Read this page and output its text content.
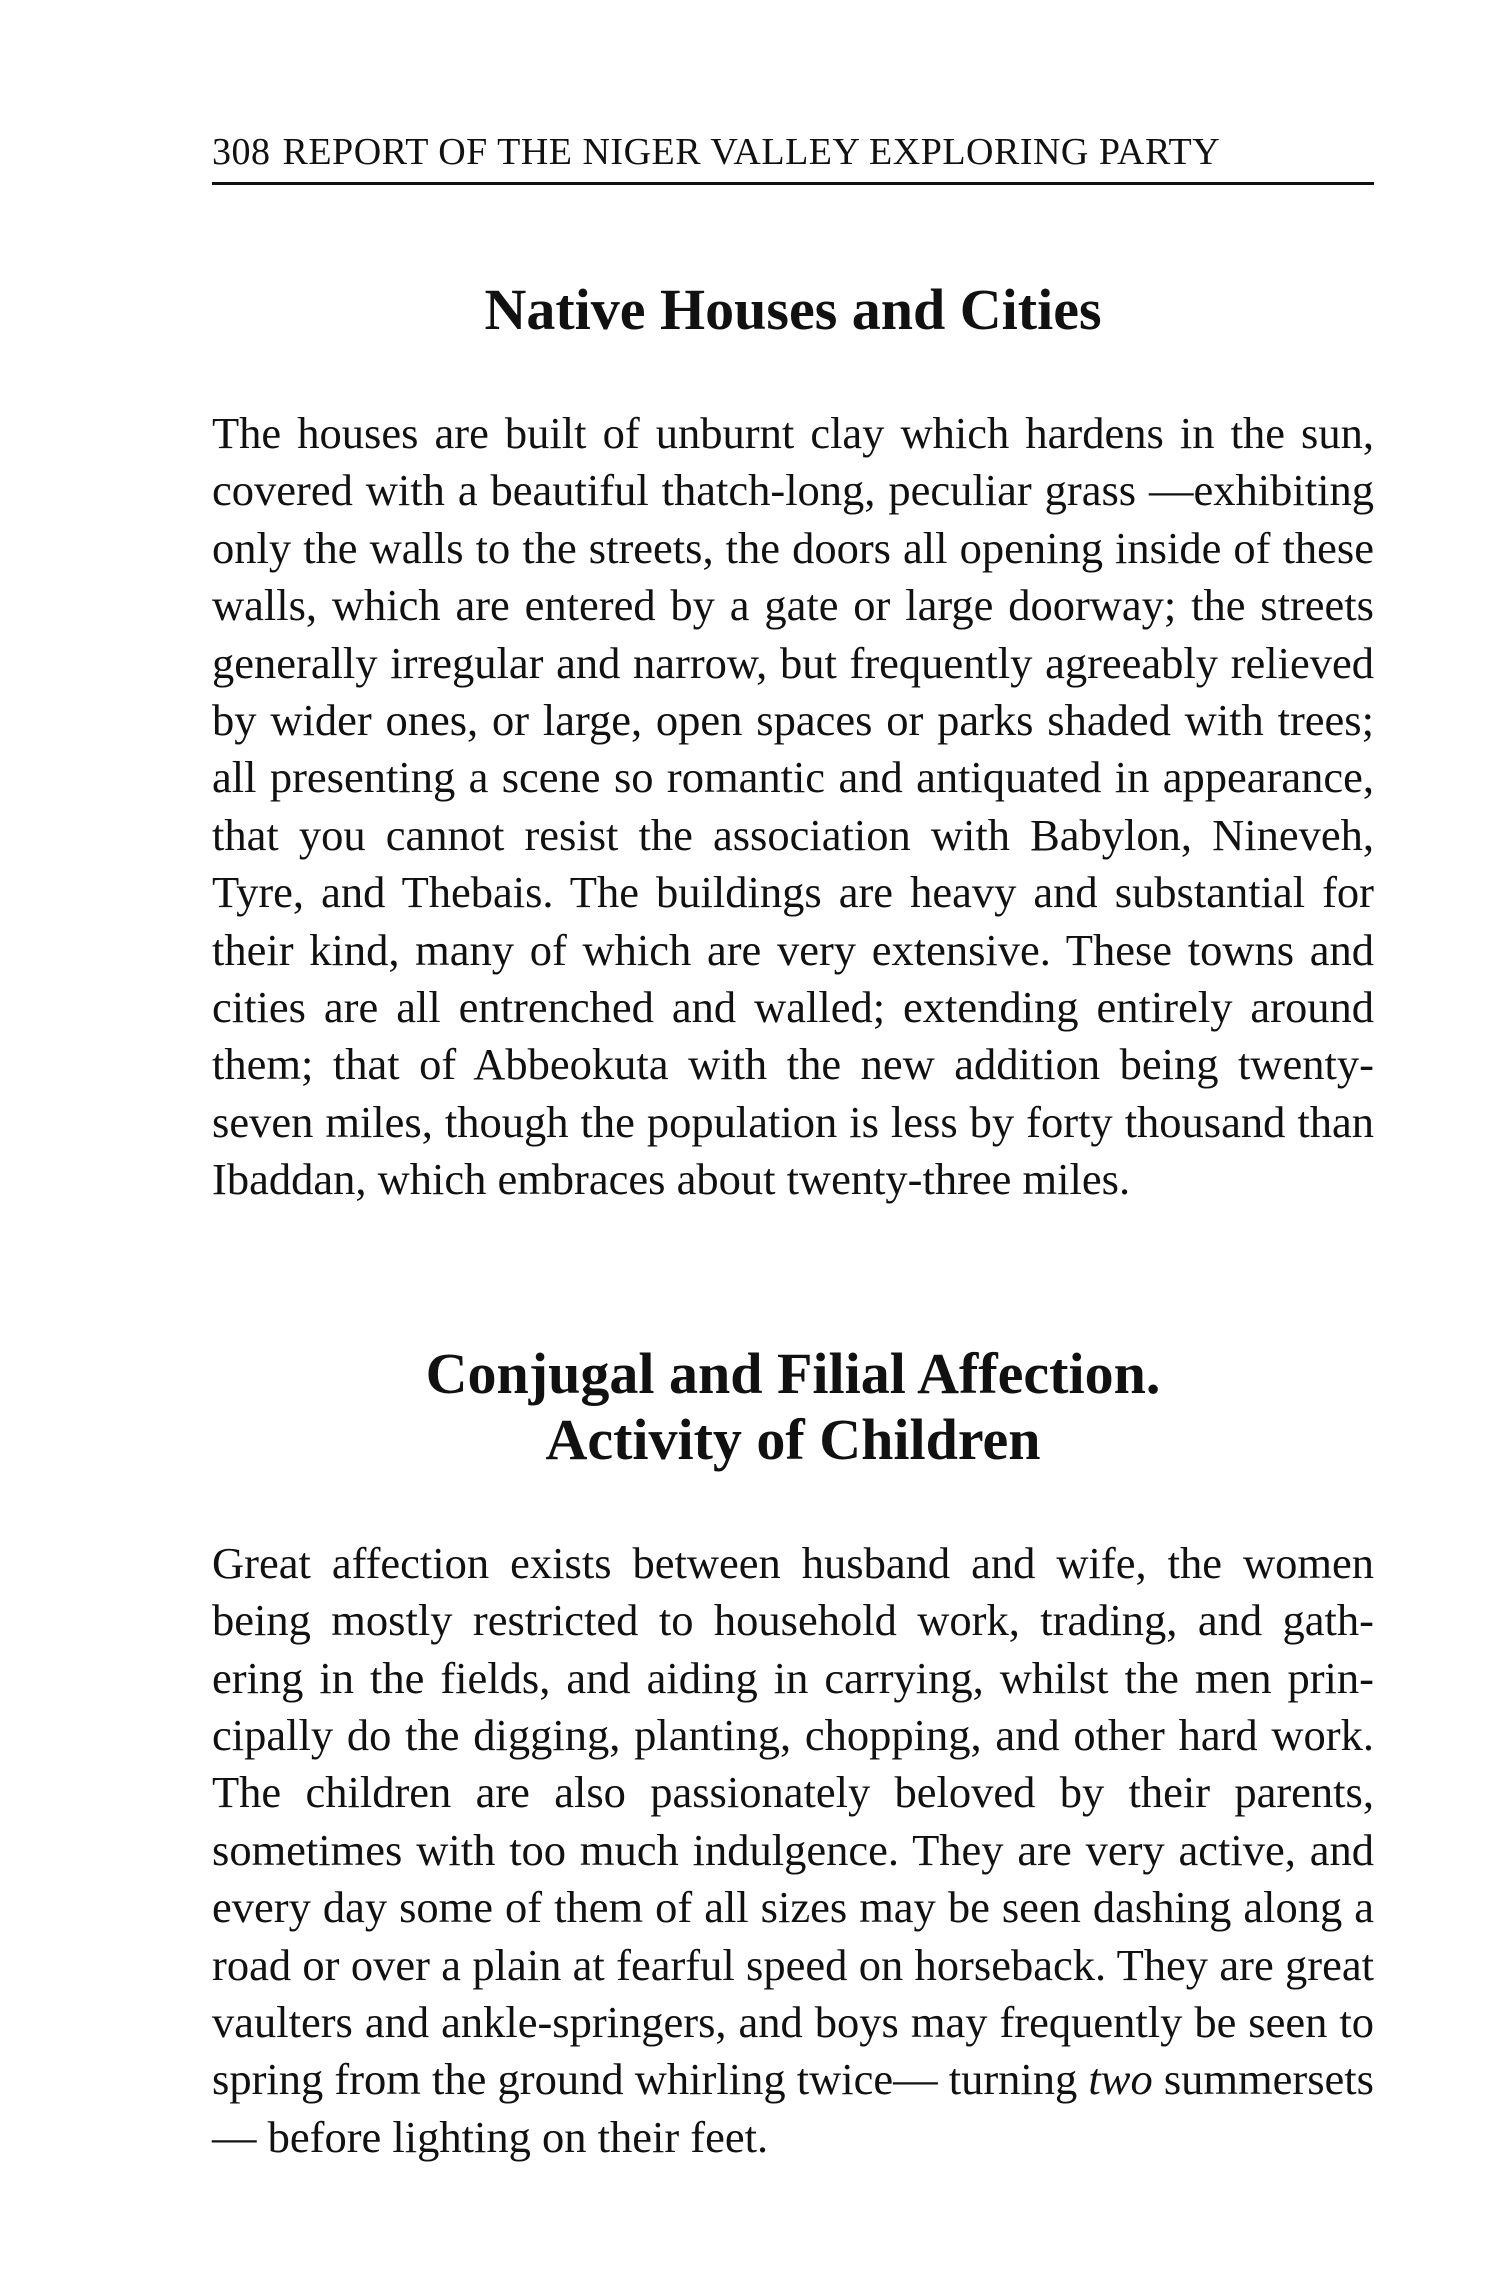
308 REPORT OF THE NIGER VALLEY EXPLORING PARTY
Native Houses and Cities

The houses are built of unburnt clay which hardens in the sun, covered with a beautiful thatch-long, peculiar grass —exhibiting only the walls to the streets, the doors all opening inside of these walls, which are entered by a gate or large doorway; the streets generally irregular and narrow, but frequently agreeably relieved by wider ones, or large, open spaces or parks shaded with trees; all presenting a scene so romantic and antiquated in appearance, that you cannot resist the association with Babylon, Nineveh, Tyre, and Thebais. The buildings are heavy and substantial for their kind, many of which are very extensive. These towns and cities are all entrenched and walled; extending entirely around them; that of Abbeokuta with the new addition being twenty-seven miles, though the population is less by forty thousand than Ibaddan, which embraces about twenty-three miles.

Conjugal and Filial Affection.
Activity of Children

Great affection exists between husband and wife, the women being mostly restricted to household work, trading, and gathering in the fields, and aiding in carrying, whilst the men principally do the digging, planting, chopping, and other hard work. The children are also passionately beloved by their parents, sometimes with too much indulgence. They are very active, and every day some of them of all sizes may be seen dashing along a road or over a plain at fearful speed on horseback. They are great vaulters and ankle-springers, and boys may frequently be seen to spring from the ground whirling twice— turning two summersets— before lighting on their feet.
